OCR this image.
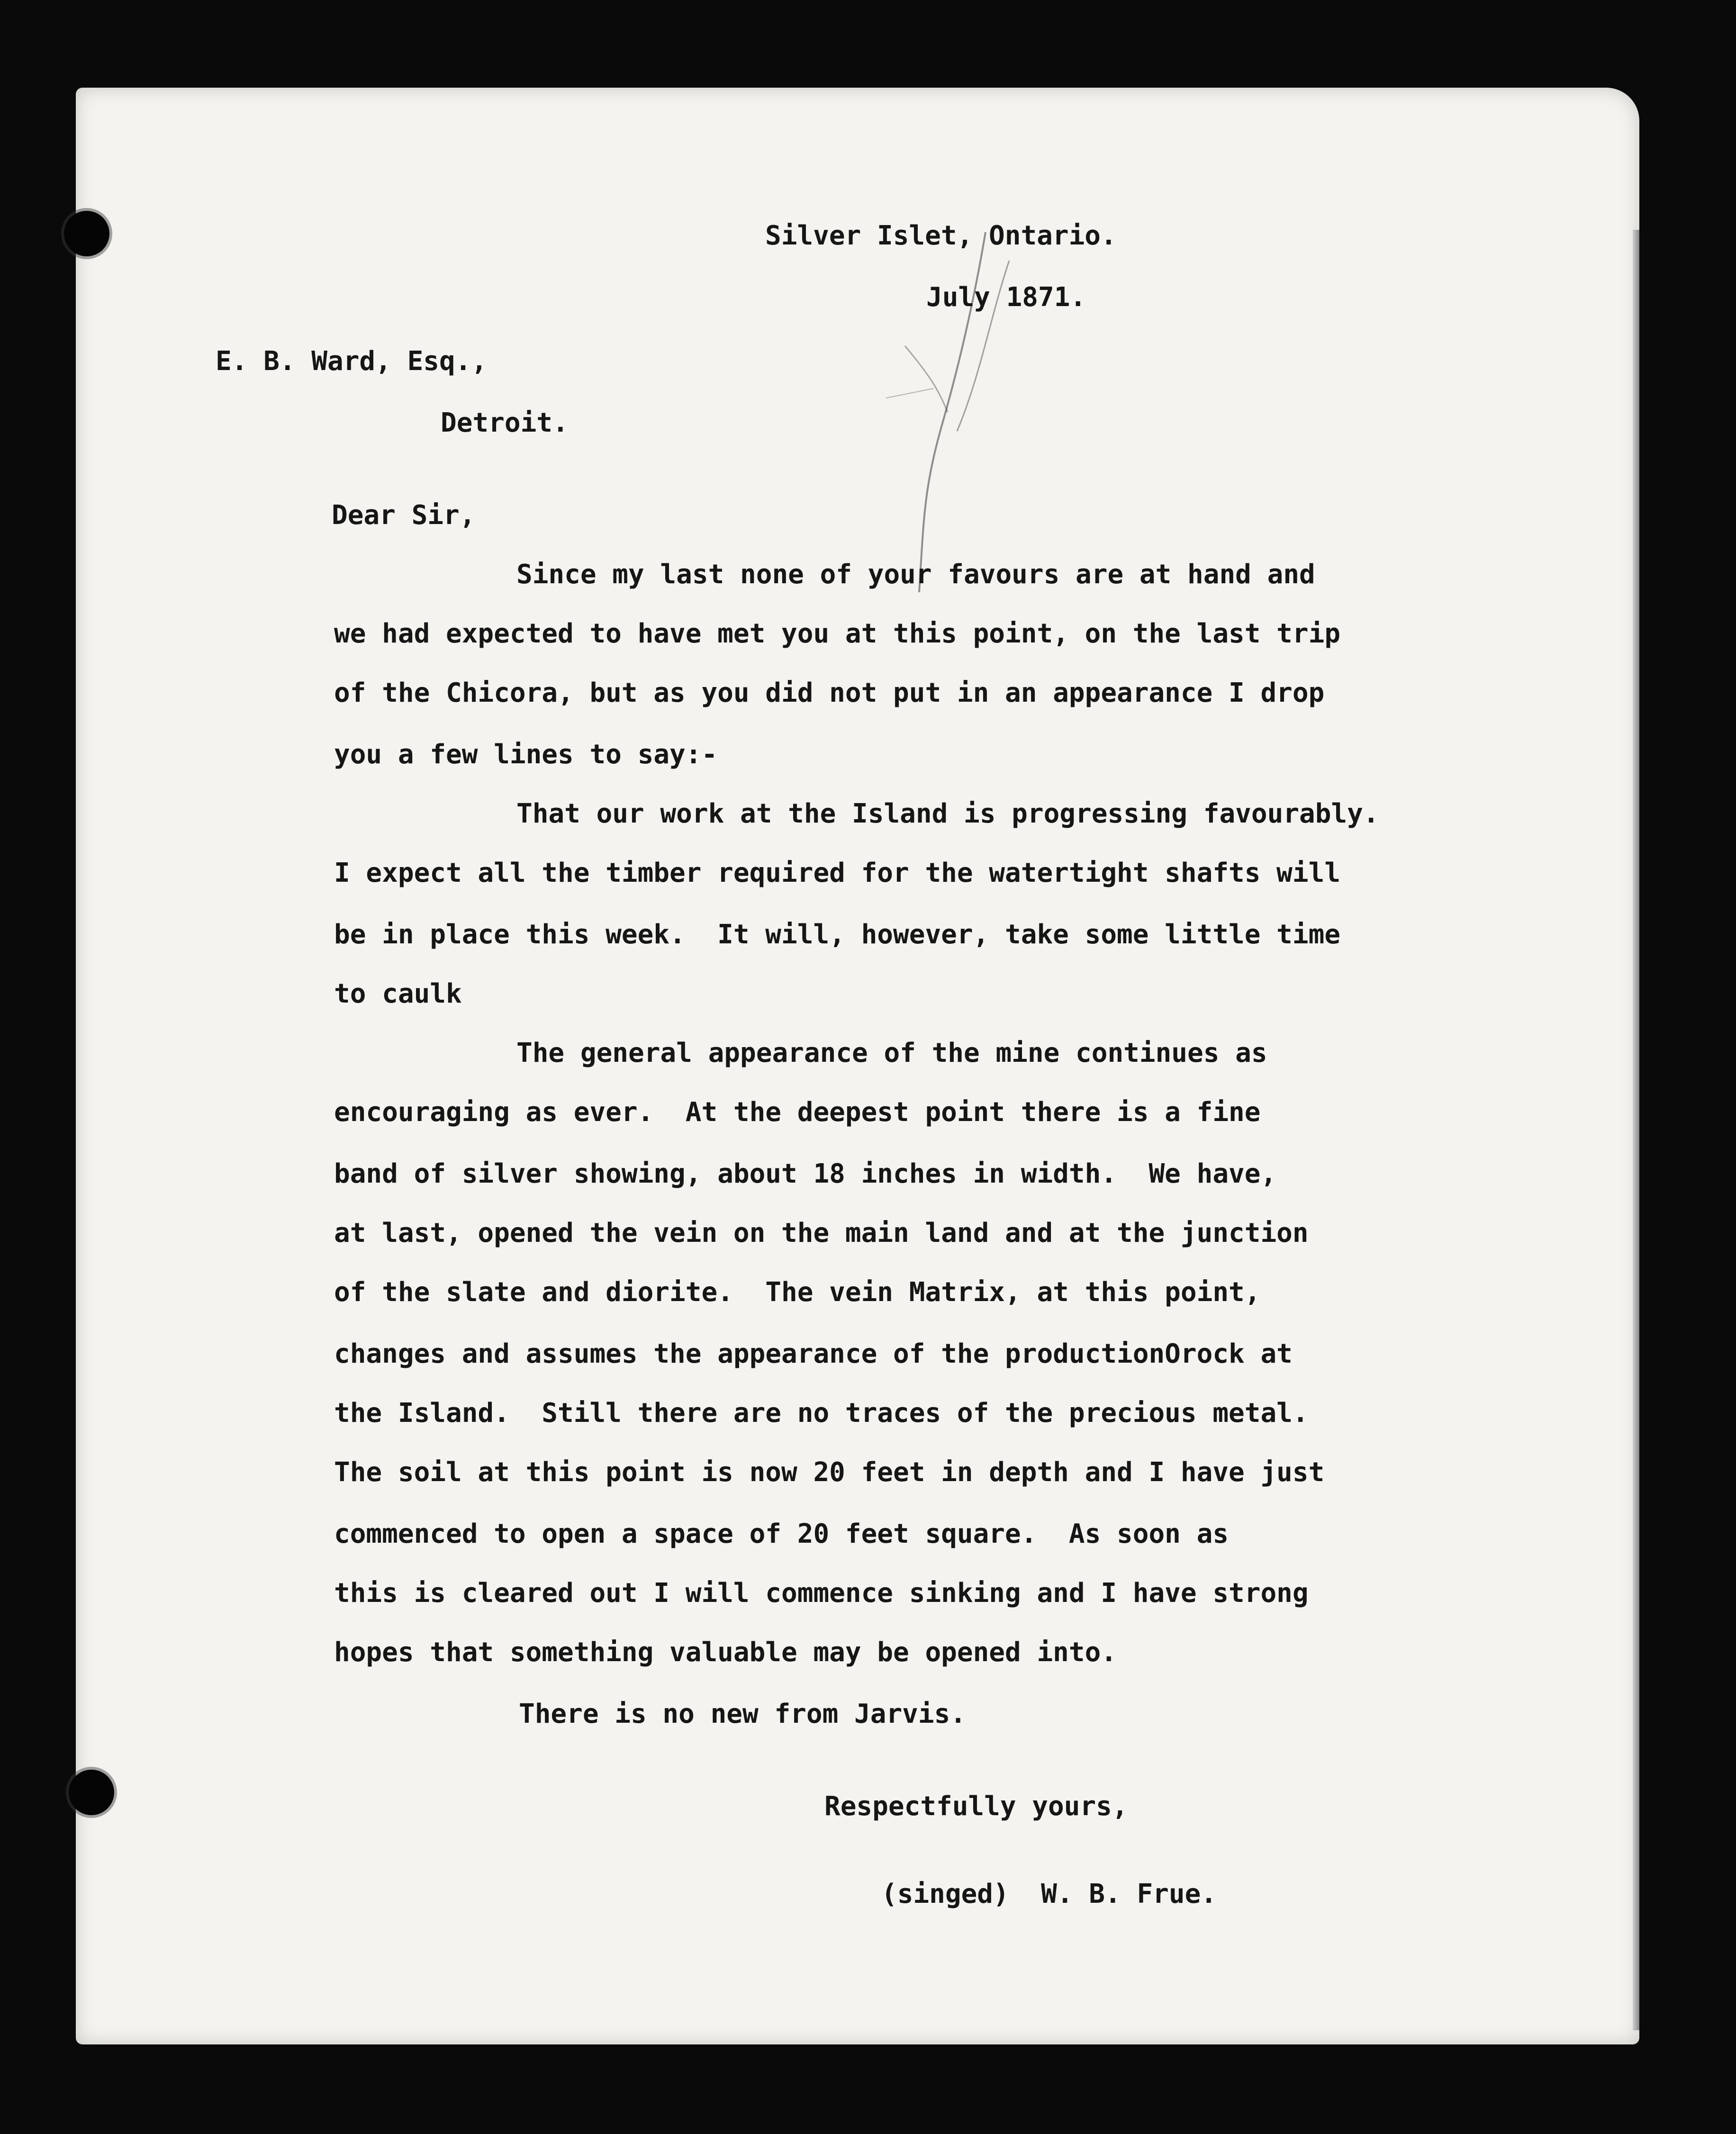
Silver Islet, Ontario.

July 1871.

E. B. Ward, Esq.,

Detroit.

Dear Sir,

Since my last none of your favours are at hand and

we had expected to have met you at this point, on the last trip

of the Chicora, but as you did not put in an appearance I drop

you a few lines to say:-

That our work at the Island is progressing favourably.

I expect all the timber required for the watertight shafts will

be in place this week.  It will, however, take some little time

to caulk

The general appearance of the mine continues as

encouraging as ever.  At the deepest point there is a fine

band of silver showing, about 18 inches in width.  We have,

at last, opened the vein on the main land and at the junction

of the slate and diorite.  The vein Matrix, at this point,

changes and assumes the appearance of the productionOrock at

the Island.  Still there are no traces of the precious metal.

The soil at this point is now 20 feet in depth and I have just

commenced to open a space of 20 feet square.  As soon as

this is cleared out I will commence sinking and I have strong

hopes that something valuable may be opened into.

There is no new from Jarvis.

Respectfully yours,

(singed)  W. B. Frue.
